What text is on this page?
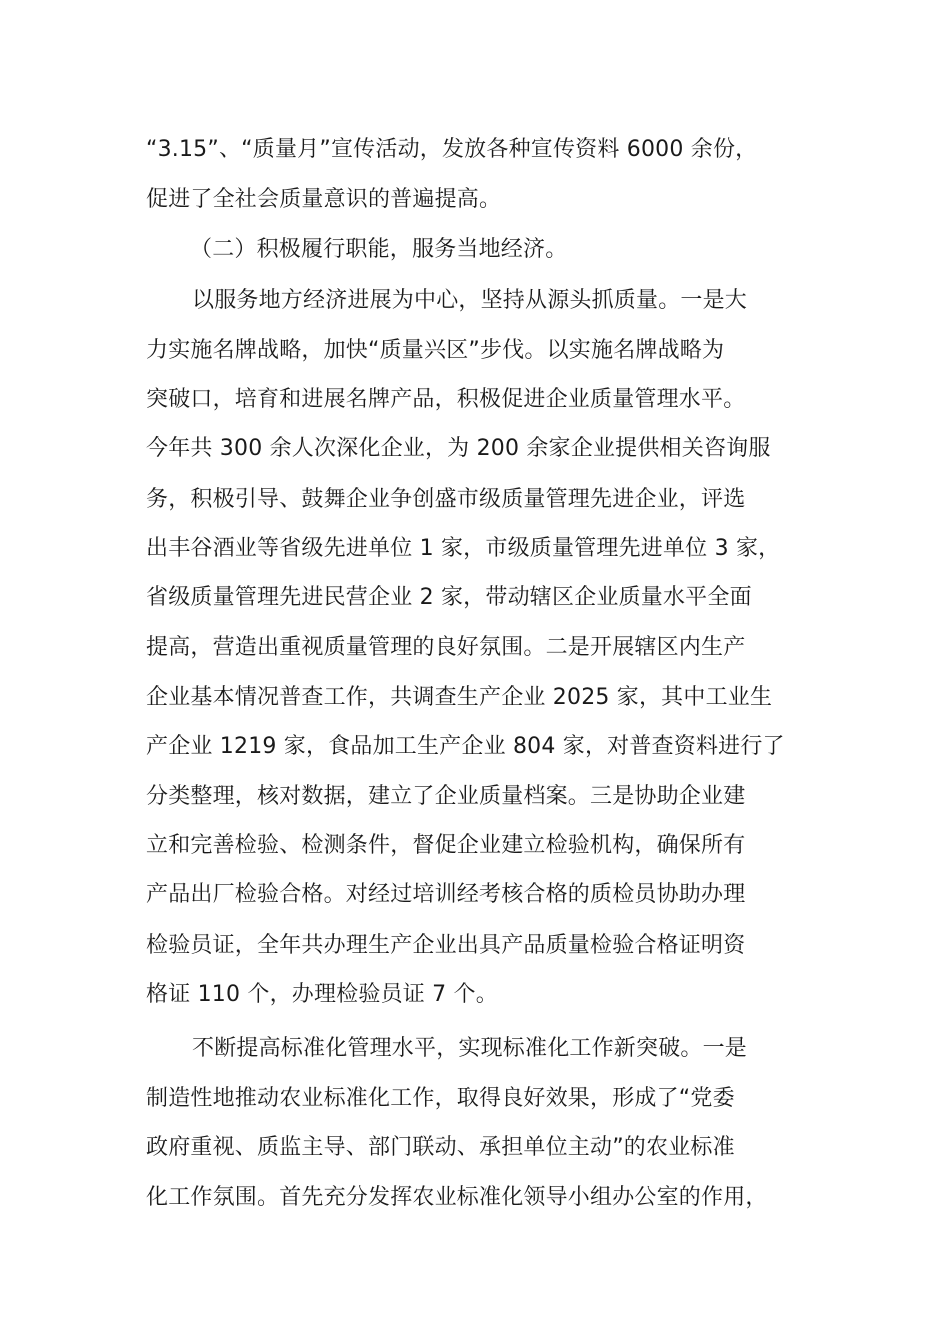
“3.15”、“质量月”宣传活动，发放各种宣传资料 6000 余份，
促进了全社会质量意识的普遍提高。
（二）积极履行职能，服务当地经济。
以服务地方经济进展为中心，坚持从源头抓质量。一是大
力实施名牌战略，加快“质量兴区”步伐。以实施名牌战略为
突破口，培育和进展名牌产品，积极促进企业质量管理水平。
今年共 300 余人次深化企业，为 200 余家企业提供相关咨询服
务，积极引导、鼓舞企业争创盛市级质量管理先进企业，评选
出丰谷酒业等省级先进单位 1 家，市级质量管理先进单位 3 家，
省级质量管理先进民营企业 2 家，带动辖区企业质量水平全面
提高，营造出重视质量管理的良好氛围。二是开展辖区内生产
企业基本情况普查工作，共调查生产企业 2025 家，其中工业生
产企业 1219 家，食品加工生产企业 804 家，对普查资料进行了
分类整理，核对数据，建立了企业质量档案。三是协助企业建
立和完善检验、检测条件，督促企业建立检验机构，确保所有
产品出厂检验合格。对经过培训经考核合格的质检员协助办理
检验员证，全年共办理生产企业出具产品质量检验合格证明资
格证 110 个，办理检验员证 7 个。
不断提高标准化管理水平，实现标准化工作新突破。一是
制造性地推动农业标准化工作，取得良好效果，形成了“党委
政府重视、质监主导、部门联动、承担单位主动”的农业标准
化工作氛围。首先充分发挥农业标准化领导小组办公室的作用，
